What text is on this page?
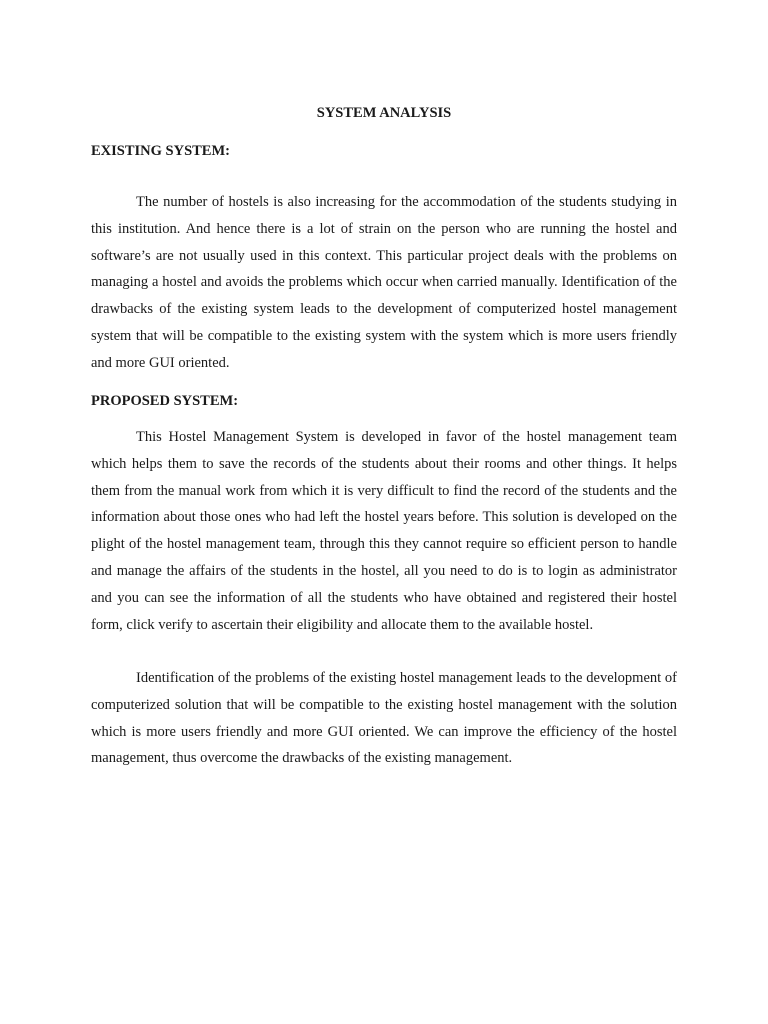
SYSTEM ANALYSIS
EXISTING SYSTEM:

The number of hostels is also increasing for the accommodation of the students studying in this institution. And hence there is a lot of strain on the person who are running the hostel and software’s are not usually used in this context. This particular project deals with the problems on managing a hostel and avoids the problems which occur when carried manually. Identification of the drawbacks of the existing system leads to the development of computerized hostel management system that will be compatible to the existing system with the system which is more users friendly and more GUI oriented.

PROPOSED SYSTEM:

This Hostel Management System is developed in favor of the hostel management team which helps them to save the records of the students about their rooms and other things. It helps them from the manual work from which it is very difficult to find the record of the students and the information about those ones who had left the hostel years before. This solution is developed on the plight of the hostel management team, through this they cannot require so efficient person to handle and manage the affairs of the students in the hostel, all you need to do is to login as administrator and you can see the information of all the students who have obtained and registered their hostel form, click verify to ascertain their eligibility and allocate them to the available hostel.

Identification of the problems of the existing hostel management leads to the development of computerized solution that will be compatible to the existing hostel management with the solution which is more users friendly and more GUI oriented. We can improve the efficiency of the hostel management, thus overcome the drawbacks of the existing management.
